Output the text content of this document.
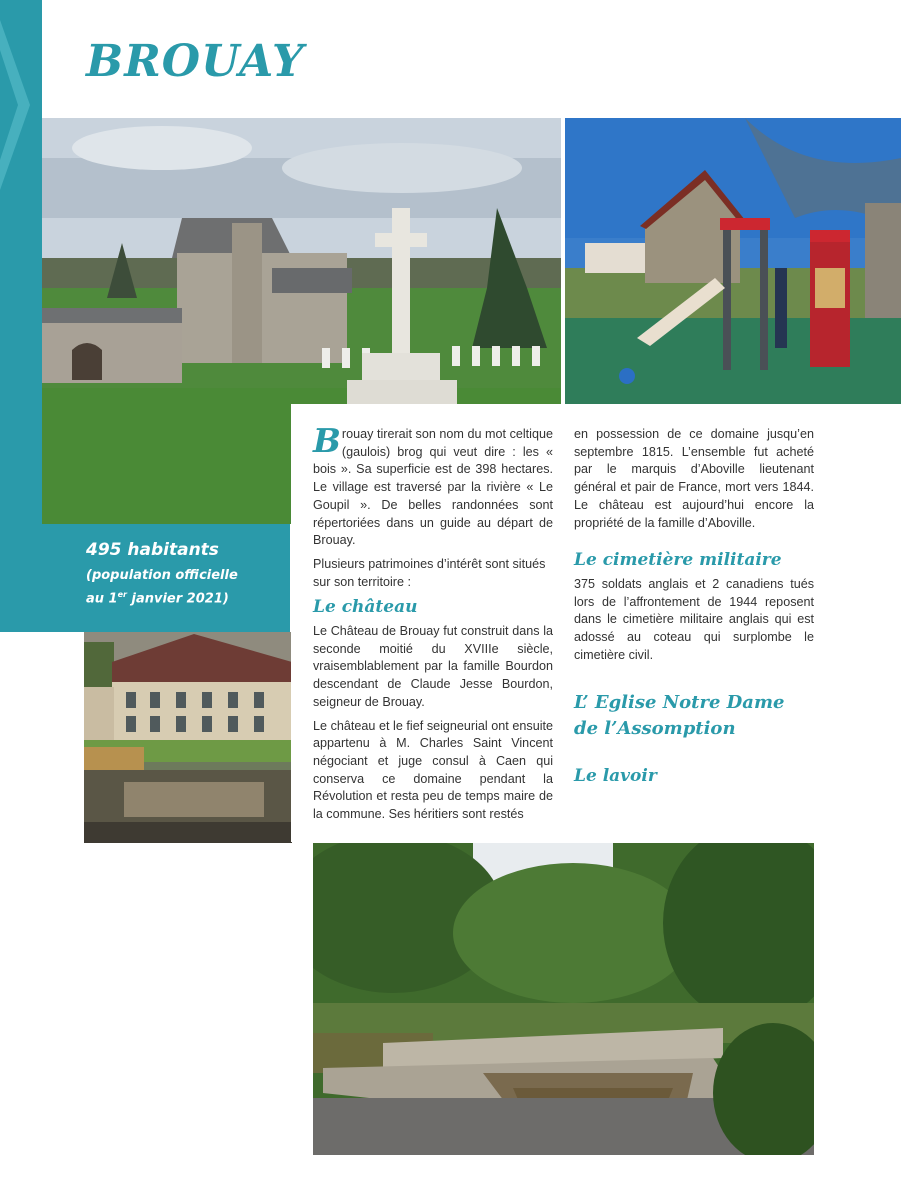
BROUAY
495 habitants
(population officielle
au 1er janvier 2021)

Brouay tirerait son nom du mot celtique (gaulois) brog qui veut dire : les « bois ». Sa superficie est de 398 hectares. Le village est traversé par la rivière « Le Goupil ». De belles randonnées sont répertoriées dans un guide au départ de Brouay.

Plusieurs patrimoines d’intérêt sont situés sur son territoire :

Le château

Le Château de Brouay fut construit dans la seconde moitié du XVIIIe siècle, vraisemblablement par la famille Bourdon descendant de Claude Jesse Bourdon, seigneur de Brouay.

Le château et le fief seigneurial ont ensuite appartenu à M. Charles Saint Vincent négociant et juge consul à Caen qui conserva ce domaine pendant la Révolution et resta peu de temps maire de la commune. Ses héritiers sont restés

en possession de ce domaine jusqu’en septembre 1815. L’ensemble fut acheté par le marquis d’Aboville lieutenant général et pair de France, mort vers 1844. Le château est aujourd’hui encore la propriété de la famille d’Aboville.

Le cimetière militaire

375 soldats anglais et 2 canadiens tués lors de l’affrontement de 1944 reposent dans le cimetière militaire anglais qui est adossé au coteau qui surplombe le cimetière civil.

L’ Eglise Notre Dame de l’Assomption
Le lavoir
